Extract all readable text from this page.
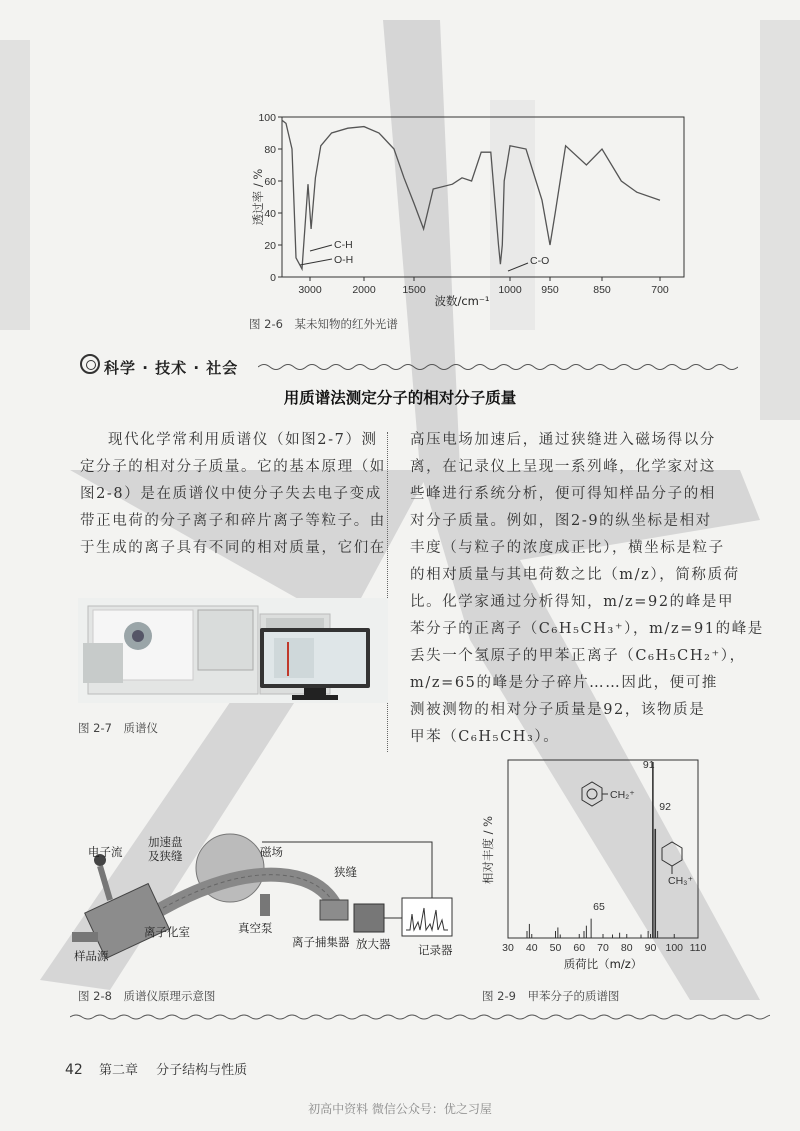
0
20
40
60
80
100
3000	2000	1500	1000 950	850	700
透过率 / %
波数/cm⁻¹
C-H
O-H	C-O
图 2-6　某未知物的红外光谱
科学 · 技术 · 社会
用质谱法测定分子的相对分子质量
现代化学常利用质谱仪（如图2-7）测
定分子的相对分子质量。它的基本原理（如
图2-8）是在质谱仪中使分子失去电子变成
带正电荷的分子离子和碎片离子等粒子。由
于生成的离子具有不同的相对质量，它们在
高压电场加速后，通过狭缝进入磁场得以分
离，在记录仪上呈现一系列峰，化学家对这
些峰进行系统分析，便可得知样品分子的相
对分子质量。例如，图2-9的纵坐标是相对
丰度（与粒子的浓度成正比），横坐标是粒子
的相对质量与其电荷数之比（m/z），简称质荷
比。化学家通过分析得知，m/z=92的峰是甲
苯分子的正离子（C₆H₅CH₃⁺），m/z=91的峰是
丢失一个氢原子的甲苯正离子（C₆H₅CH₂⁺），
m/z=65的峰是分子碎片……因此，便可推
测被测物的相对分子质量是92，该物质是
甲苯（C₆H₅CH₃）。
图 2-7　质谱仪
电子流
加速盘
及狭缝	磁场
狭缝
离子化室	真空泵
离子捕集器 放大器 记录器
样品源
图 2-8　质谱仪原理示意图
30 40 50 60 70 80 90 100 110
91
92
65
相对丰度 / %
质荷比（m/z）
CH₂⁺
CH₃⁺
图 2-9　甲苯分子的质谱图
42 第二章 分子结构与性质
初高中资料 微信公众号：优之习屋
